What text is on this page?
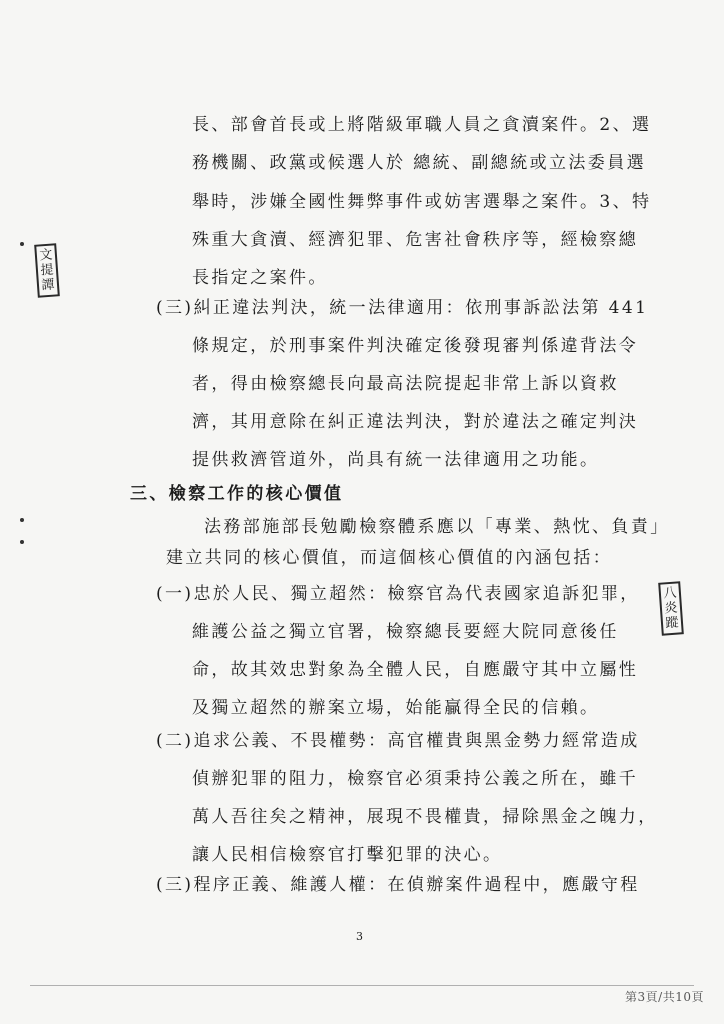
文提譚
八炎蹤
長、部會首長或上將階級軍職人員之貪瀆案件。2、選
務機關、政黨或候選人於 總統、副總統或立法委員選
舉時，涉嫌全國性舞弊事件或妨害選舉之案件。3、特
殊重大貪瀆、經濟犯罪、危害社會秩序等，經檢察總
長指定之案件。
(三)糾正違法判決，統一法律適用：依刑事訴訟法第 441
條規定，於刑事案件判決確定後發現審判係違背法令
者，得由檢察總長向最高法院提起非常上訴以資救
濟，其用意除在糾正違法判決，對於違法之確定判決
提供救濟管道外，尚具有統一法律適用之功能。
三、檢察工作的核心價值
法務部施部長勉勵檢察體系應以「專業、熱忱、負責」
建立共同的核心價值，而這個核心價值的內涵包括：
(一)忠於人民、獨立超然：檢察官為代表國家追訴犯罪，
維護公益之獨立官署，檢察總長要經大院同意後任
命，故其效忠對象為全體人民，自應嚴守其中立屬性
及獨立超然的辦案立場，始能贏得全民的信賴。
(二)追求公義、不畏權勢：高官權貴與黑金勢力經常造成
偵辦犯罪的阻力，檢察官必須秉持公義之所在，雖千
萬人吾往矣之精神，展現不畏權貴，掃除黑金之魄力，
讓人民相信檢察官打擊犯罪的決心。
(三)程序正義、維護人權：在偵辦案件過程中，應嚴守程
3
第3頁/共10頁
